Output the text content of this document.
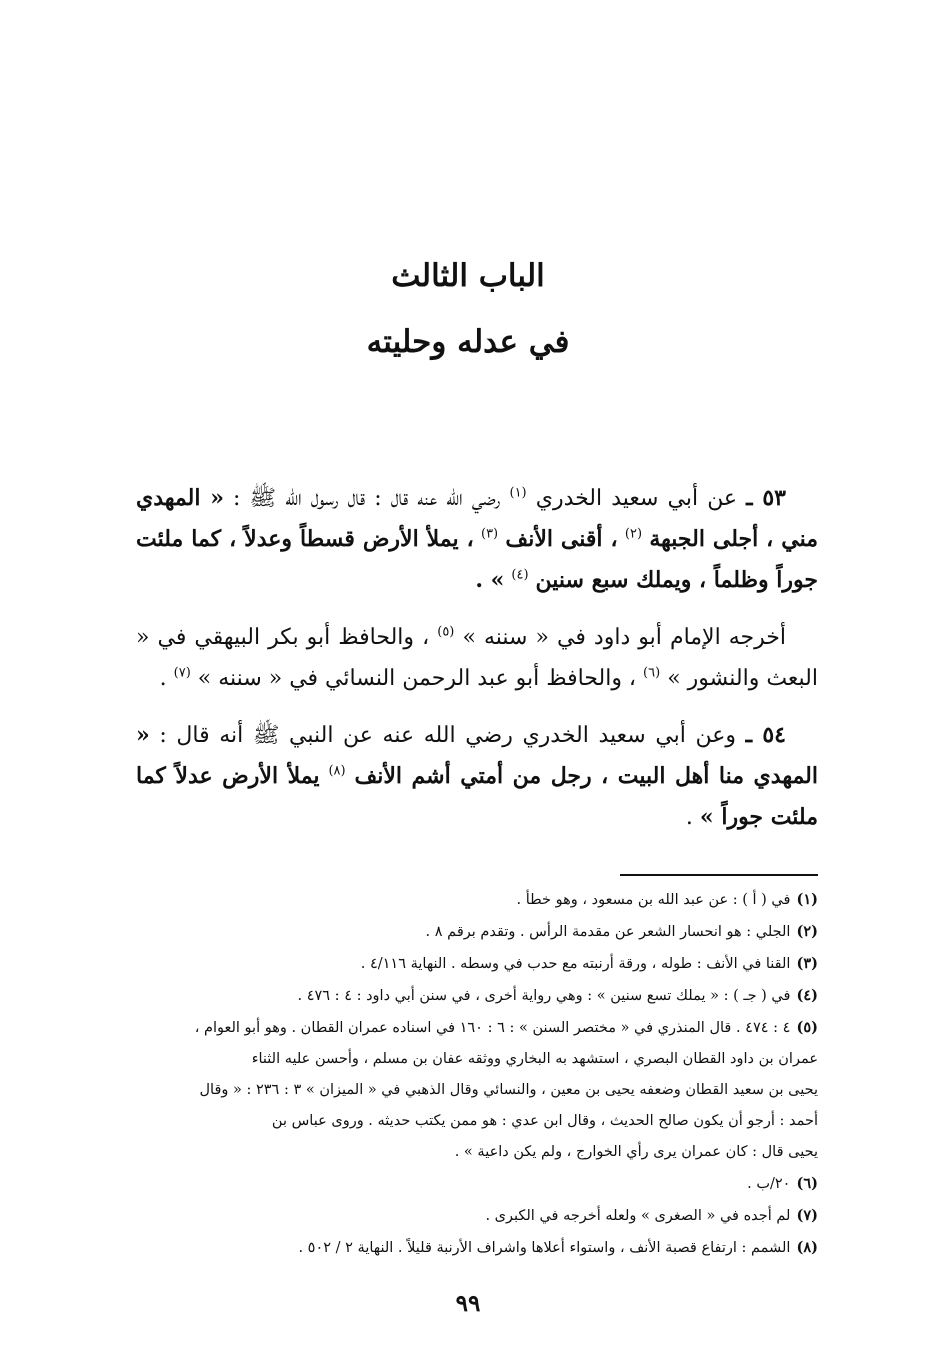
الباب الثالث
في عدله وحليته

٥٣ ـ عن أبي سعيد الخدري $^{(١)}$ رضي الله عنه قال : قال رسول الله ﷺ : « المهدي مني ، أجلى الجبهة $^{(٢)}$ ، أقنى الأنف $^{(٣)}$ ، يملأ الأرض قسطاً وعدلاً ، كما ملئت جوراً وظلماً ، ويملك سبع سنين $^{(٤)}$ » .

أخرجه الإمام أبو داود في « سننه » $^{(٥)}$ ، والحافظ أبو بكر البيهقي في « البعث والنشور » $^{(٦)}$ ، والحافظ أبو عبد الرحمن النسائي في « سننه » $^{(٧)}$ .

٥٤ ـ وعن أبي سعيد الخدري رضي الله عنه عن النبي ﷺ أنه قال : « المهدي منا أهل البيت ، رجل من أمتي أشم الأنف $^{(٨)}$ يملأ الأرض عدلاً كما ملئت جوراً » .

(١)في ( أ ) : عن عبد الله بن مسعود ، وهو خطأ .

(٢)الجلي : هو انحسار الشعر عن مقدمة الرأس . وتقدم برقم ٨ .

(٣)القنا في الأنف : طوله ، ورقة أرنبته مع حدب في وسطه . النهاية ٤/١١٦ .

(٤)في ( جـ ) : « يملك تسع سنين » : وهي رواية أخرى ، في سنن أبي داود : ٤ : ٤٧٦ .

(٥)٤ : ٤٧٤ . قال المنذري في « مختصر السنن » : ٦ : ١٦٠ في اسناده عمران القطان . وهو أبو العوام ،

عمران بن داود القطان البصري ، استشهد به البخاري ووثقه عفان بن مسلم ، وأحسن عليه الثناء

يحيى بن سعيد القطان وضعفه يحيى بن معين ، والنسائي وقال الذهبي في « الميزان » ٣ : ٢٣٦ : « وقال

أحمد : أرجو أن يكون صالح الحديث ، وقال ابن عدي : هو ممن يكتب حديثه . وروى عباس بن

يحيى قال : كان عمران يرى رأي الخوارج ، ولم يكن داعية » .

(٦)٢٠/ب .

(٧)لم أجده في « الصغرى » ولعله أخرجه في الكبرى .

(٨)الشمم : ارتفاع قصبة الأنف ، واستواء أعلاها واشراف الأرنبة قليلاً . النهاية ٢ / ٥٠٢ .

٩٩
